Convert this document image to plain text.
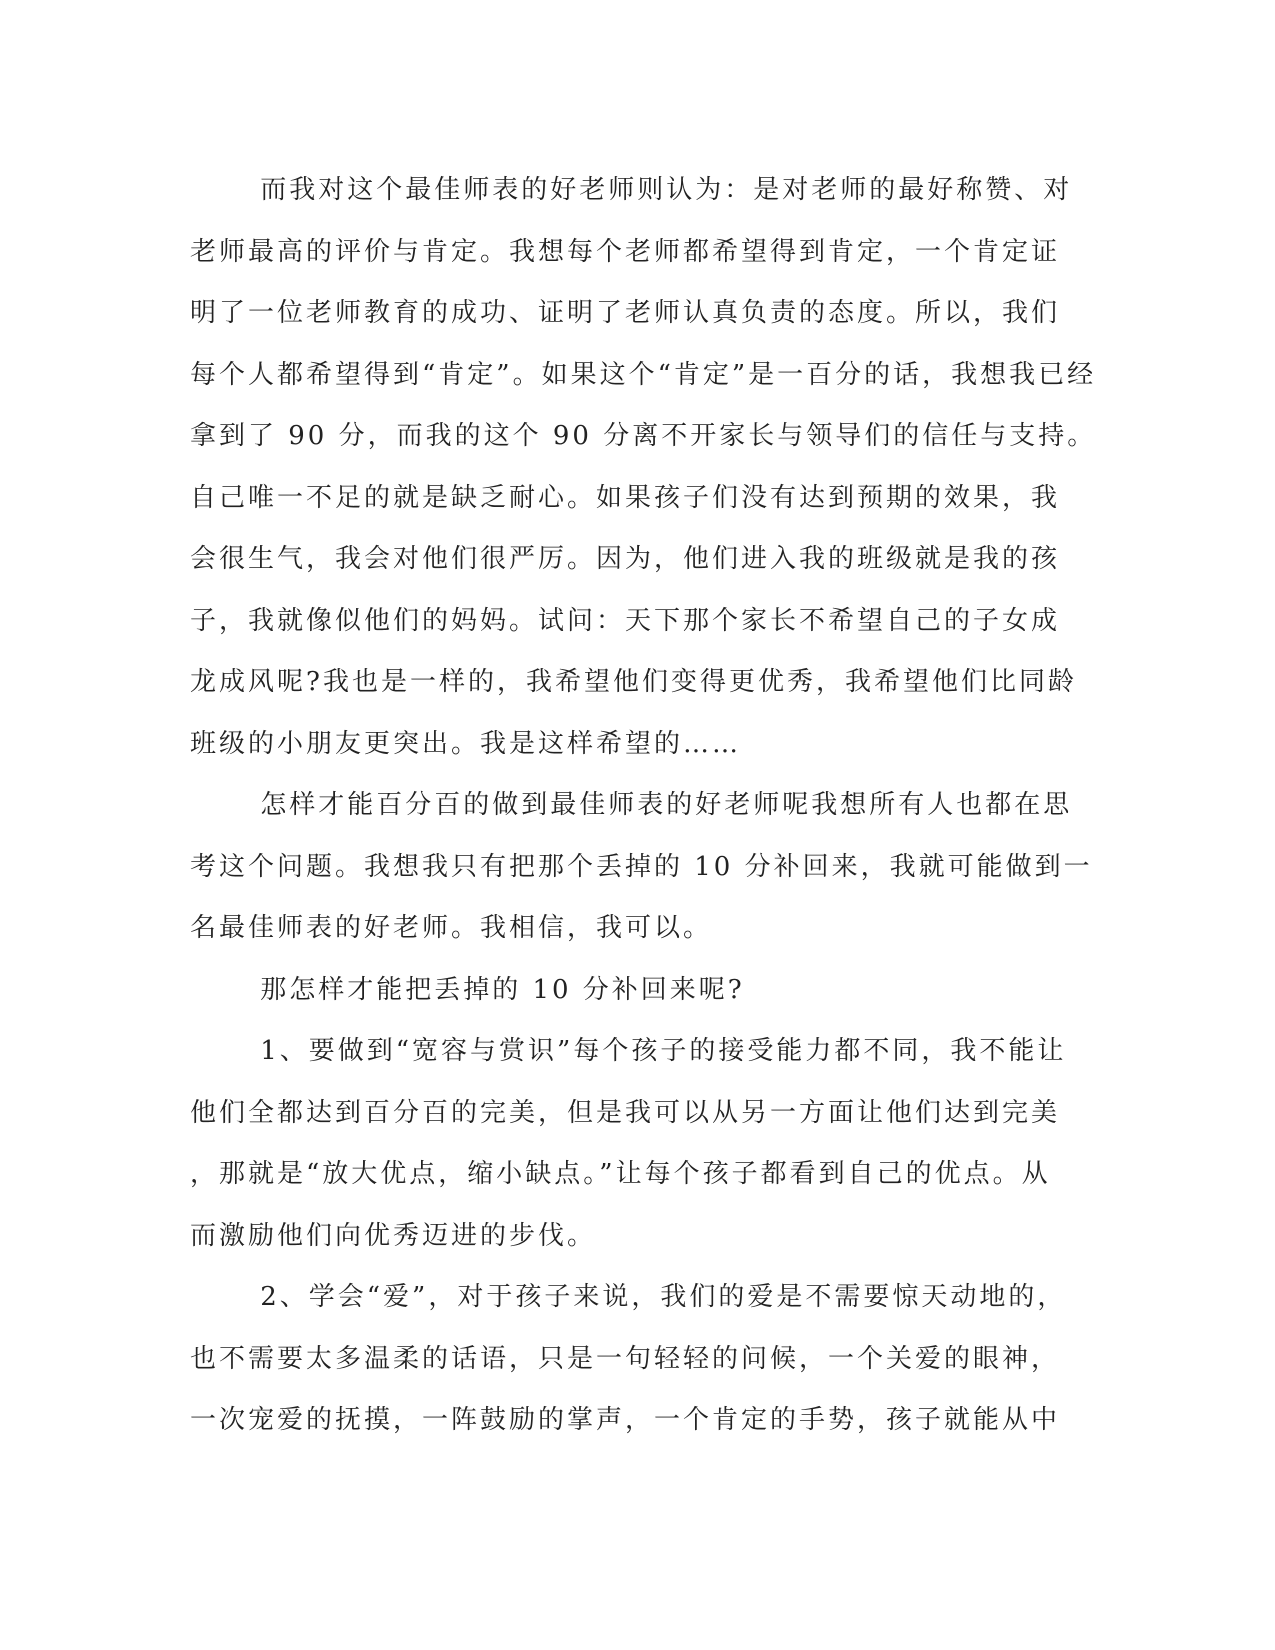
而我对这个最佳师表的好老师则认为：是对老师的最好称赞、对
老师最高的评价与肯定。我想每个老师都希望得到肯定，一个肯定证
明了一位老师教育的成功、证明了老师认真负责的态度。所以，我们
每个人都希望得到“肯定”。如果这个“肯定”是一百分的话，我想我已经
拿到了 90 分，而我的这个 90 分离不开家长与领导们的信任与支持。
自己唯一不足的就是缺乏耐心。如果孩子们没有达到预期的效果，我
会很生气，我会对他们很严厉。因为，他们进入我的班级就是我的孩
子，我就像似他们的妈妈。试问：天下那个家长不希望自己的子女成
龙成风呢?我也是一样的，我希望他们变得更优秀，我希望他们比同龄
班级的小朋友更突出。我是这样希望的……

怎样才能百分百的做到最佳师表的好老师呢我想所有人也都在思
考这个问题。我想我只有把那个丢掉的 10 分补回来，我就可能做到一
名最佳师表的好老师。我相信，我可以。

那怎样才能把丢掉的 10 分补回来呢?

1、要做到“宽容与赏识”每个孩子的接受能力都不同，我不能让
他们全都达到百分百的完美，但是我可以从另一方面让他们达到完美
，那就是“放大优点，缩小缺点。”让每个孩子都看到自己的优点。从
而激励他们向优秀迈进的步伐。

2、学会“爱”，对于孩子来说，我们的爱是不需要惊天动地的，
也不需要太多温柔的话语，只是一句轻轻的问候，一个关爱的眼神，
一次宠爱的抚摸，一阵鼓励的掌声，一个肯定的手势，孩子就能从中
